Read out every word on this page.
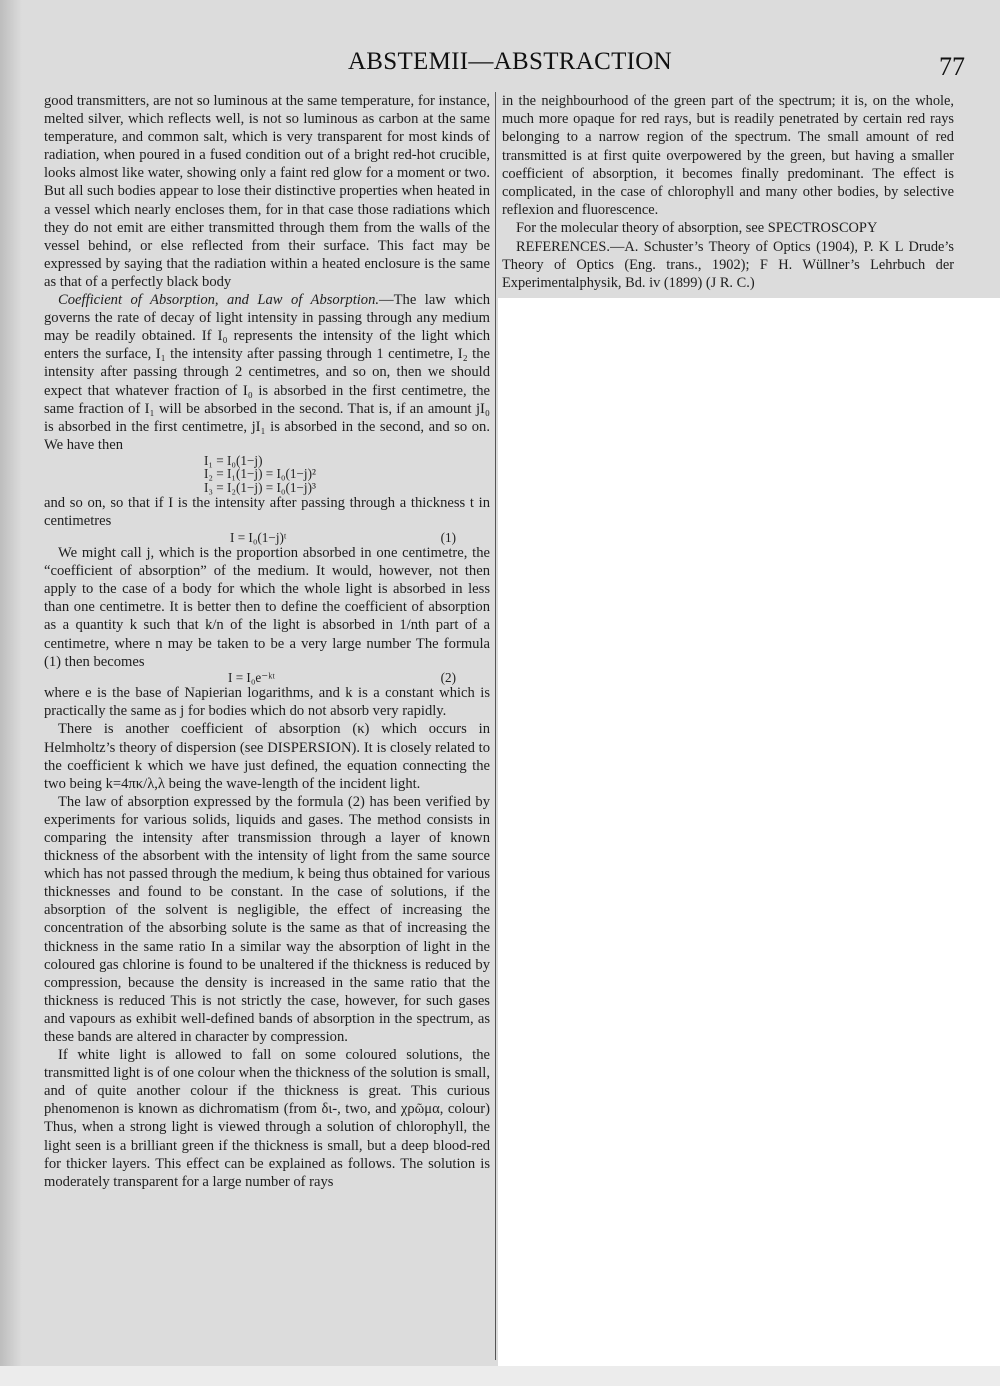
ABSTEMII—ABSTRACTION	77

good transmitters, are not so luminous at the same temperature, for instance, melted silver, which reflects well, is not so luminous as carbon at the same temperature, and common salt, which is very transparent for most kinds of radiation, when poured in a fused condition out of a bright red-hot crucible, looks almost like water, showing only a faint red glow for a moment or two. But all such bodies appear to lose their distinctive properties when heated in a vessel which nearly encloses them, for in that case those radiations which they do not emit are either transmitted through them from the walls of the vessel behind, or else reflected from their surface. This fact may be expressed by saying that the radiation within a heated enclosure is the same as that of a perfectly black body

Coefficient of Absorption, and Law of Absorption.—The law which governs the rate of decay of light intensity in passing through any medium may be readily obtained. If I₀ represents the intensity of the light which enters the surface, I₁ the intensity after passing through 1 centimetre, I₂ the intensity after passing through 2 centimetres, and so on, then we should expect that whatever fraction of I₀ is absorbed in the first centimetre, the same fraction of I₁ will be absorbed in the second. That is, if an amount jI₀ is absorbed in the first centimetre, jI₁ is absorbed in the second, and so on. We have then

I₁ = I₀(1−j)
I₂ = I₁(1−j) = I₀(1−j)²
I₃ = I₂(1−j) = I₀(1−j)³

and so on, so that if I is the intensity after passing through a thickness t in centimetres

I = I₀(1−j)ᵗ	(1)

We might call j, which is the proportion absorbed in one centimetre, the “coefficient of absorption” of the medium. It would, however, not then apply to the case of a body for which the whole light is absorbed in less than one centimetre. It is better then to define the coefficient of absorption as a quantity k such that k/n of the light is absorbed in 1/nth part of a centimetre, where n may be taken to be a very large number The formula (1) then becomes

I = I₀e⁻ᵏᵗ	(2)

where e is the base of Napierian logarithms, and k is a constant which is practically the same as j for bodies which do not absorb very rapidly.

There is another coefficient of absorption (κ) which occurs in Helmholtz’s theory of dispersion (see DISPERSION). It is closely related to the coefficient k which we have just defined, the equation connecting the two being k=4πκ/λ,λ being the wave-length of the incident light.

The law of absorption expressed by the formula (2) has been verified by experiments for various solids, liquids and gases. The method consists in comparing the intensity after transmission through a layer of known thickness of the absorbent with the intensity of light from the same source which has not passed through the medium, k being thus obtained for various thicknesses and found to be constant. In the case of solutions, if the absorption of the solvent is negligible, the effect of increasing the concentration of the absorbing solute is the same as that of increasing the thickness in the same ratio In a similar way the absorption of light in the coloured gas chlorine is found to be unaltered if the thickness is reduced by compression, because the density is increased in the same ratio that the thickness is reduced This is not strictly the case, however, for such gases and vapours as exhibit well-defined bands of absorption in the spectrum, as these bands are altered in character by compression.

If white light is allowed to fall on some coloured solutions, the transmitted light is of one colour when the thickness of the solution is small, and of quite another colour if the thickness is great. This curious phenomenon is known as dichromatism (from δι-, two, and χρῶμα, colour) Thus, when a strong light is viewed through a solution of chlorophyll, the light seen is a brilliant green if the thickness is small, but a deep blood-red for thicker layers. This effect can be explained as follows. The solution is moderately transparent for a large number of rays

in the neighbourhood of the green part of the spectrum; it is, on the whole, much more opaque for red rays, but is readily penetrated by certain red rays belonging to a narrow region of the spectrum. The small amount of red transmitted is at first quite overpowered by the green, but having a smaller coefficient of absorption, it becomes finally predominant. The effect is complicated, in the case of chlorophyll and many other bodies, by selective reflexion and fluorescence.

For the molecular theory of absorption, see SPECTROSCOPY

REFERENCES.—A. Schuster’s Theory of Optics (1904), P. K L Drude’s Theory of Optics (Eng. trans., 1902); F H. Wüllner’s Lehrbuch der Experimentalphysik, Bd. iv (1899) (J R. C.)
